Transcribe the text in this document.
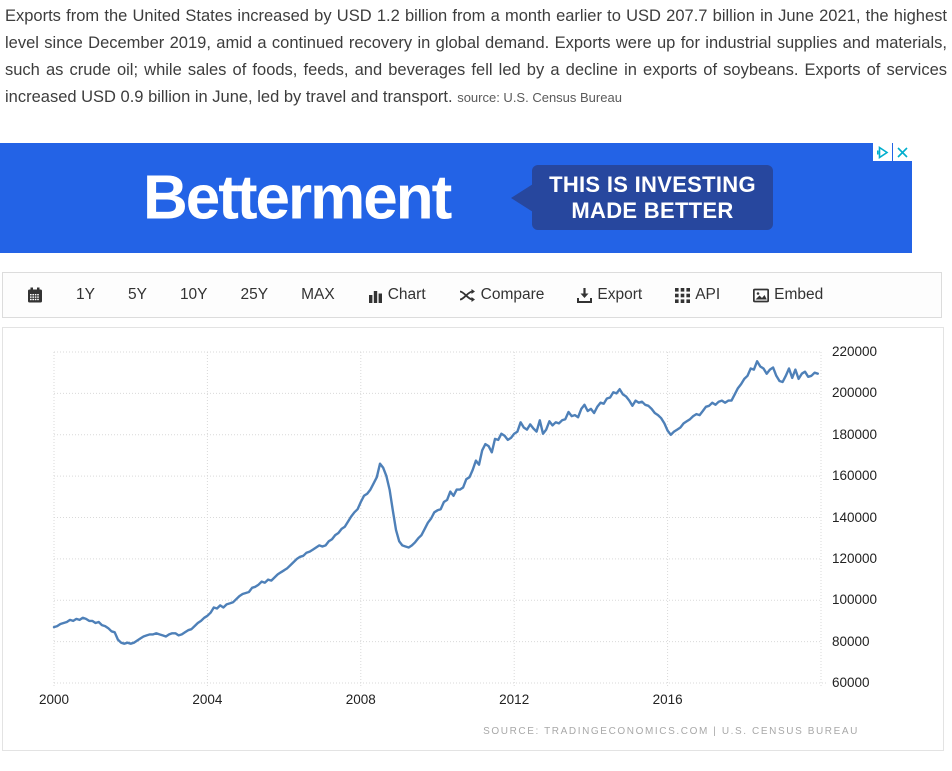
Exports from the United States increased by USD 1.2 billion from a month earlier to USD 207.7 billion in June 2021, the highest level since December 2019, amid a continued recovery in global demand. Exports were up for industrial supplies and materials, such as crude oil; while sales of foods, feeds, and beverages fell led by a decline in exports of soybeans. Exports of services increased USD 0.9 billion in June, led by travel and transport. source: U.S. Census Bureau

Betterment	THIS IS INVESTING
MADE BETTER
1Y 5Y 10Y 25Y MAX	Chart	Compare	Export	API	Embed
220000
200000
180000
160000
140000
120000
100000
80000
60000
2000	2004	2008	2012	2016
SOURCE: TRADINGECONOMICS.COM | U.S. CENSUS BUREAU
